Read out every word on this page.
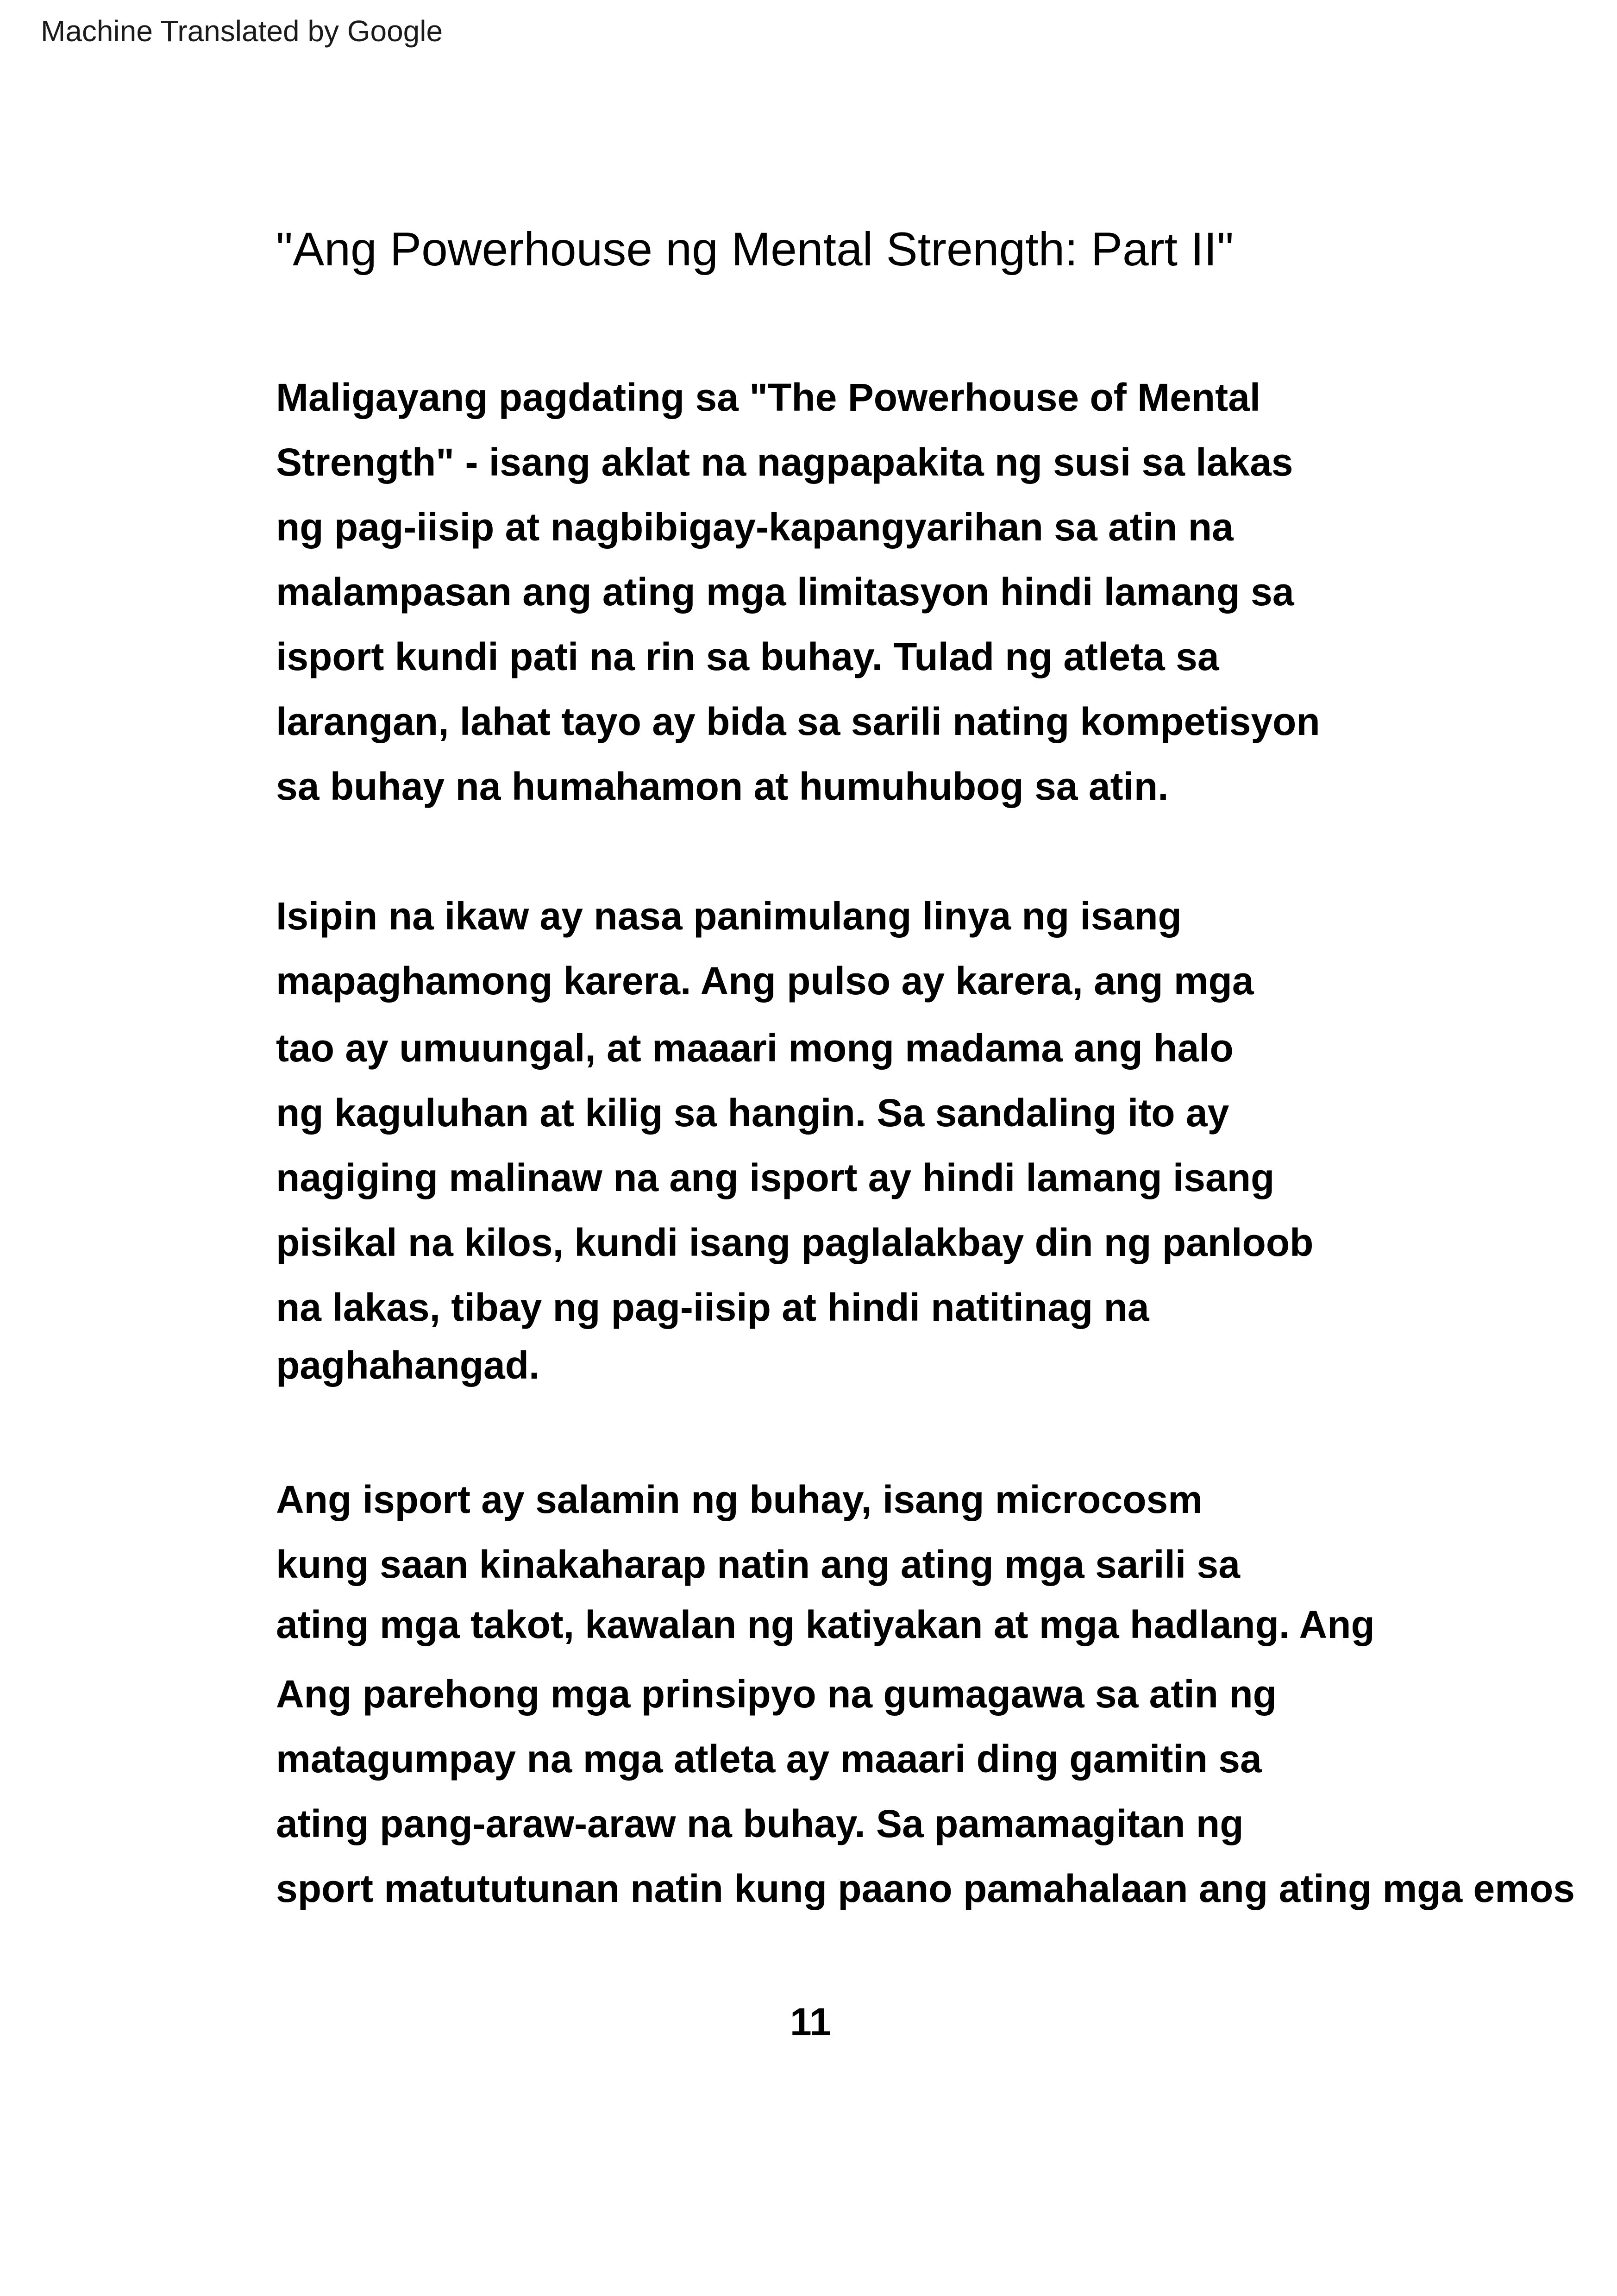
Machine Translated by Google
"Ang Powerhouse ng Mental Strength: Part II"
Maligayang pagdating sa "The Powerhouse of Mental
Strength" - isang aklat na nagpapakita ng susi sa lakas
ng pag-iisip at nagbibigay-kapangyarihan sa atin na
malampasan ang ating mga limitasyon hindi lamang sa
isport kundi pati na rin sa buhay. Tulad ng atleta sa
larangan, lahat tayo ay bida sa sarili nating kompetisyon
sa buhay na humahamon at humuhubog sa atin.
Isipin na ikaw ay nasa panimulang linya ng isang
mapaghamong karera. Ang pulso ay karera, ang mga
tao ay umuungal, at maaari mong madama ang halo
ng kaguluhan at kilig sa hangin. Sa sandaling ito ay
nagiging malinaw na ang isport ay hindi lamang isang
pisikal na kilos, kundi isang paglalakbay din ng panloob
na lakas, tibay ng pag-iisip at hindi natitinag na
paghahangad.
Ang isport ay salamin ng buhay, isang microcosm
kung saan kinakaharap natin ang ating mga sarili sa
ating mga takot, kawalan ng katiyakan at mga hadlang. Ang
Ang parehong mga prinsipyo na gumagawa sa atin ng
matagumpay na mga atleta ay maaari ding gamitin sa
ating pang-araw-araw na buhay. Sa pamamagitan ng
sport matututunan natin kung paano pamahalaan ang ating mga emos
11
